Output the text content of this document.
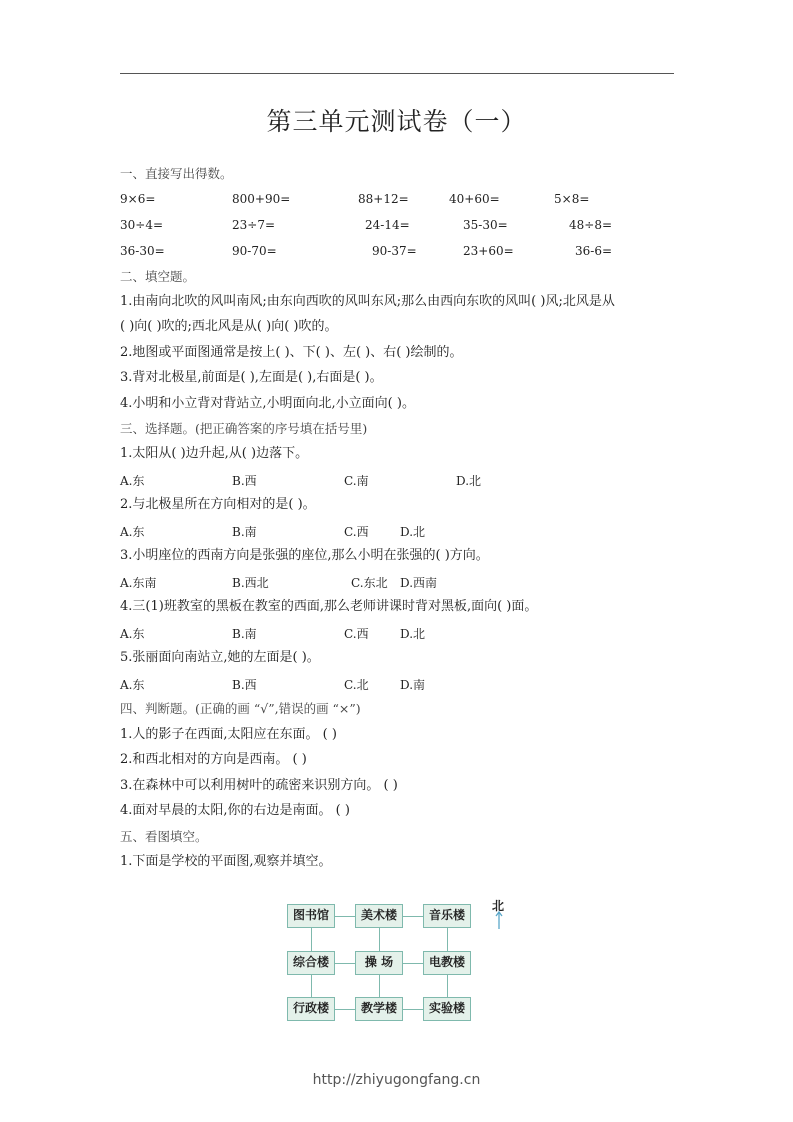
第三单元测试卷（一）
一、直接写出得数。
9×6=	800+90=	88+12=	40+60=	5×8=
30÷4=	23÷7=	24-14=	35-30=	48÷8=
36-30=	90-70=	90-37=	23+60=	36-6=
二、填空题。
1.由南向北吹的风叫南风;由东向西吹的风叫东风;那么由西向东吹的风叫( )风;北风是从
( )向( )吹的;西北风是从( )向( )吹的。
2.地图或平面图通常是按上( )、下( )、左( )、右( )绘制的。
3.背对北极星,前面是( ),左面是( ),右面是( )。
4.小明和小立背对背站立,小明面向北,小立面向( )。
三、选择题。(把正确答案的序号填在括号里)
1.太阳从( )边升起,从( )边落下。
A.东	B.西	C.南	D.北
2.与北极星所在方向相对的是( )。
A.东	B.南	C.西	D.北
3.小明座位的西南方向是张强的座位,那么小明在张强的( )方向。
A.东南	B.西北	C.东北 D.西南
4.三(1)班教室的黑板在教室的西面,那么老师讲课时背对黑板,面向( )面。
A.东	B.南	C.西	D.北
5.张丽面向南站立,她的左面是( )。
A.东	B.西	C.北	D.南
四、判断题。(正确的画 “√”,错误的画 “×”)
1.人的影子在西面,太阳应在东面。 ( )
2.和西北相对的方向是西南。 ( )
3.在森林中可以利用树叶的疏密来识别方向。 ( )
4.面对早晨的太阳,你的右边是南面。 ( )
五、看图填空。
1.下面是学校的平面图,观察并填空。
图书馆	美术楼	音乐楼
综合楼	操 场	电教楼
行政楼	教学楼	实验楼
北
http://zhiyugongfang.cn
